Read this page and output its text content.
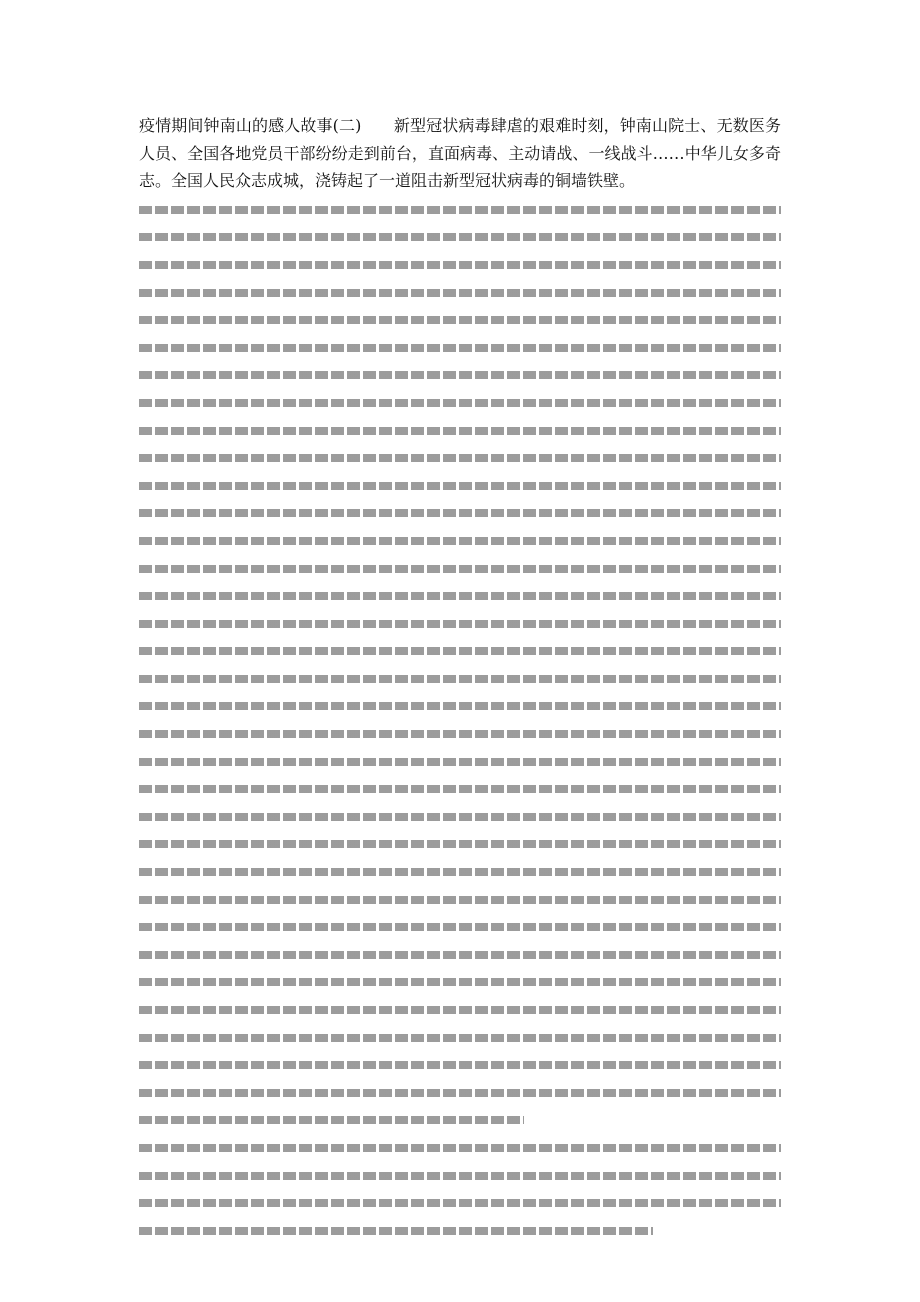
疫情期间钟南山的感人故事(二)　　新型冠状病毒肆虐的艰难时刻，钟南山院士、无数医务人员、全国各地党员干部纷纷走到前台，直面病毒、主动请战、一线战斗……中华儿女多奇志。全国人民众志成城，浇铸起了一道阻击新型冠状病毒的铜墙铁壁。
